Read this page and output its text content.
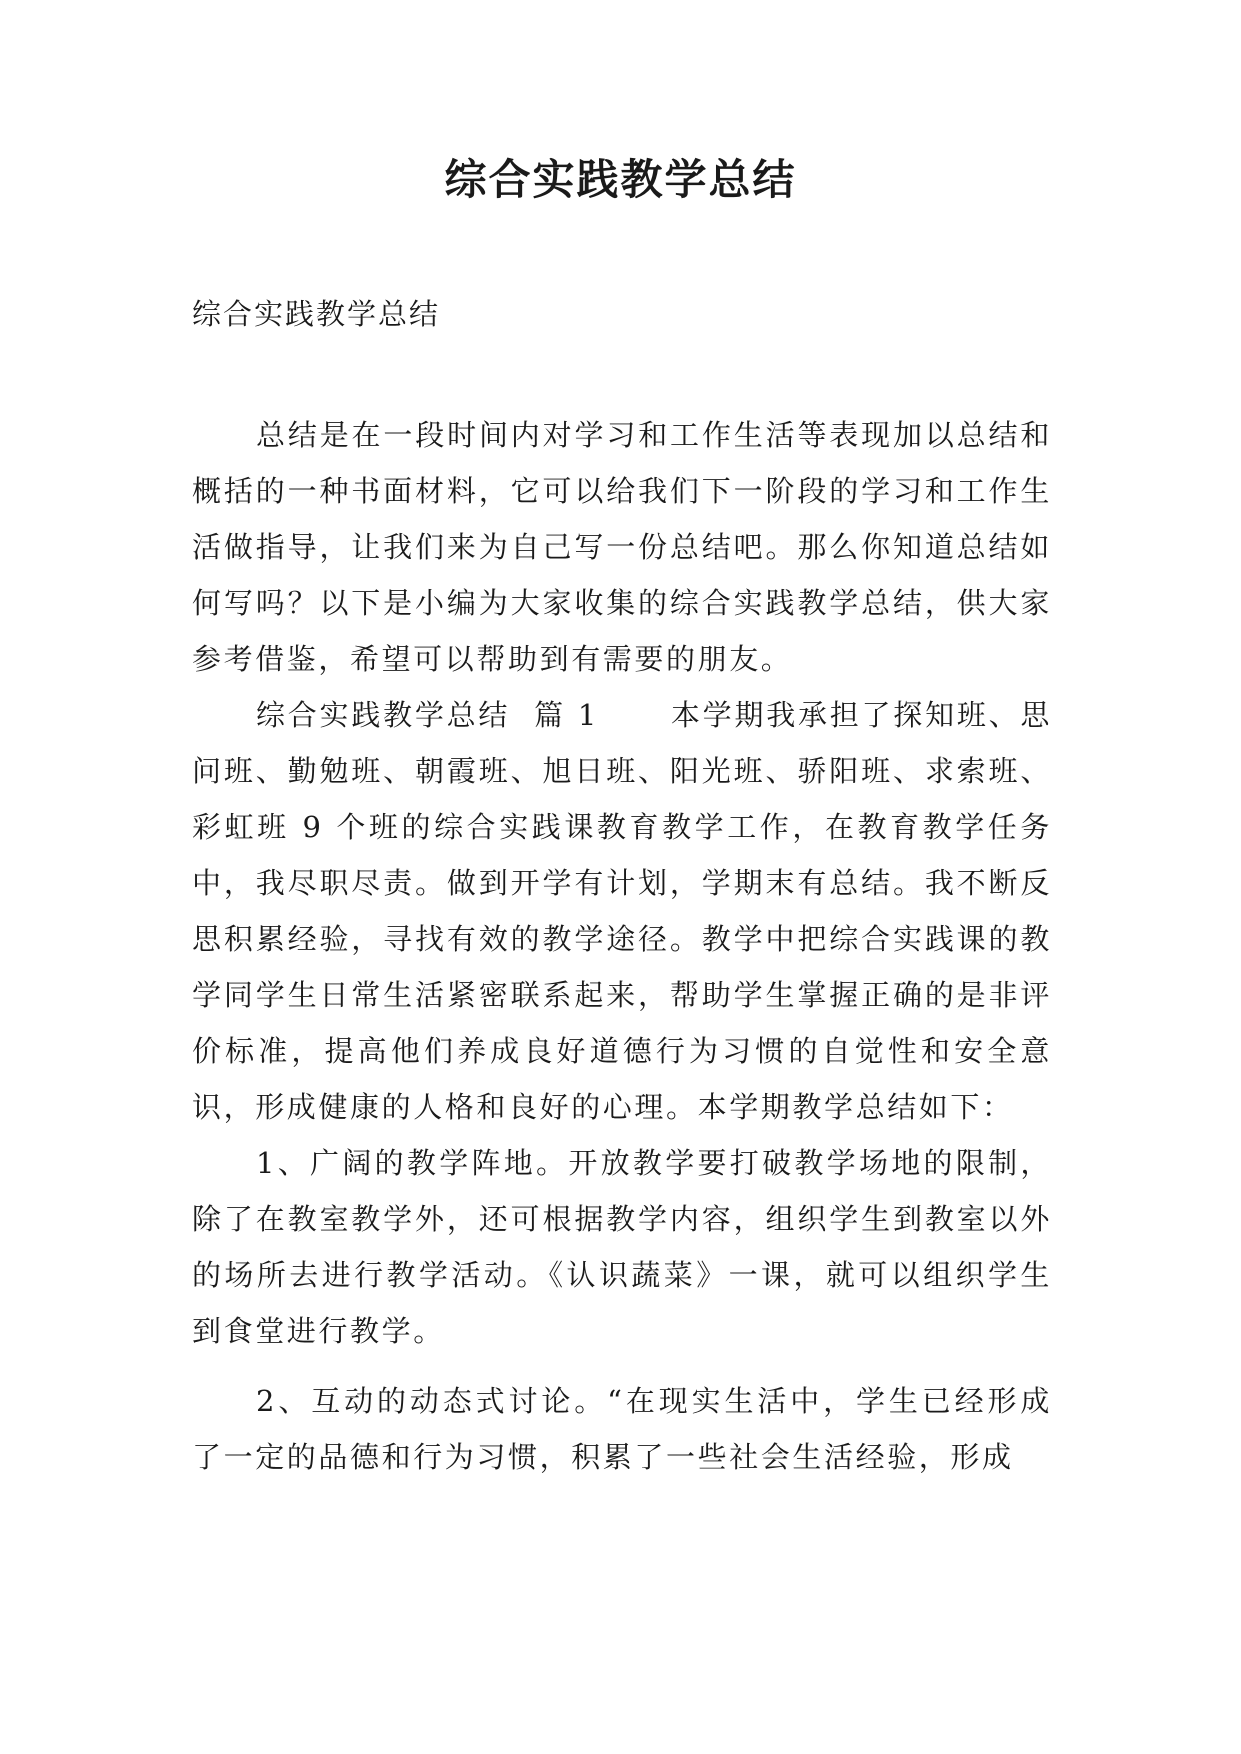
综合实践教学总结

综合实践教学总结

总结是在一段时间内对学习和工作生活等表现加以总结和概括的一种书面材料，它可以给我们下一阶段的学习和工作生活做指导，让我们来为自己写一份总结吧。那么你知道总结如何写吗？以下是小编为大家收集的综合实践教学总结，供大家参考借鉴，希望可以帮助到有需要的朋友。

综合实践教学总结  篇 1      本学期我承担了探知班、思问班、勤勉班、朝霞班、旭日班、阳光班、骄阳班、求索班、彩虹班 9 个班的综合实践课教育教学工作，在教育教学任务中，我尽职尽责。做到开学有计划，学期末有总结。我不断反思积累经验，寻找有效的教学途径。教学中把综合实践课的教学同学生日常生活紧密联系起来，帮助学生掌握正确的是非评价标准，提高他们养成良好道德行为习惯的自觉性和安全意识，形成健康的人格和良好的心理。本学期教学总结如下：

1、广阔的教学阵地。开放教学要打破教学场地的限制，除了在教室教学外，还可根据教学内容，组织学生到教室以外的场所去进行教学活动。《认识蔬菜》一课，就可以组织学生到食堂进行教学。

2、互动的动态式讨论。“在现实生活中，学生已经形成了一定的品德和行为习惯，积累了一些社会生活经验，形成
